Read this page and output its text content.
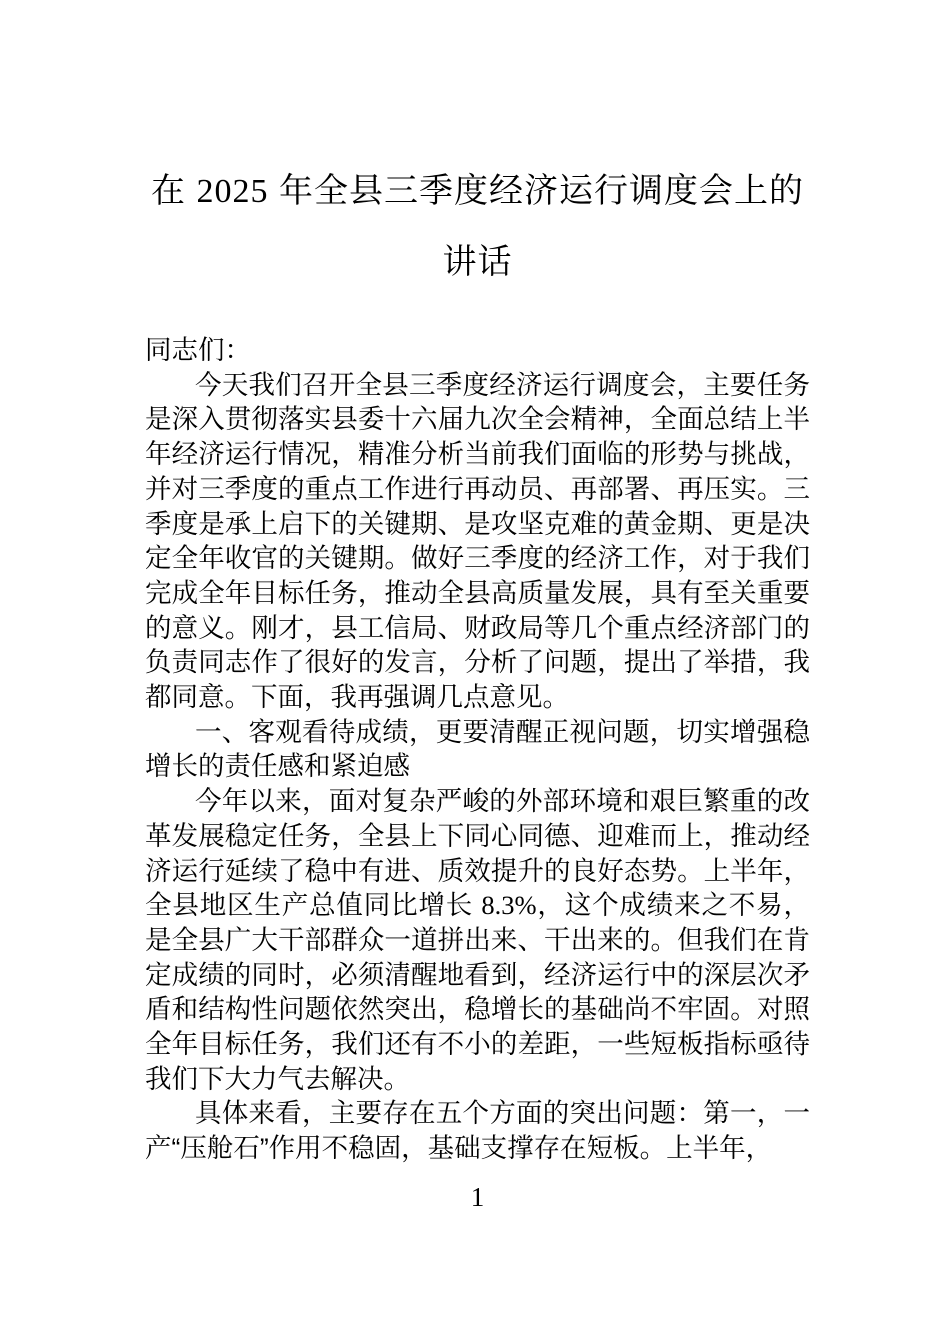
在 2025 年全县三季度经济运行调度会上的讲话

同志们：

今天我们召开全县三季度经济运行调度会，主要任务是深入贯彻落实县委十六届九次全会精神，全面总结上半年经济运行情况，精准分析当前我们面临的形势与挑战，并对三季度的重点工作进行再动员、再部署、再压实。三季度是承上启下的关键期、是攻坚克难的黄金期、更是决定全年收官的关键期。做好三季度的经济工作，对于我们完成全年目标任务，推动全县高质量发展，具有至关重要的意义。刚才，县工信局、财政局等几个重点经济部门的负责同志作了很好的发言，分析了问题，提出了举措，我都同意。下面，我再强调几点意见。

一、客观看待成绩，更要清醒正视问题，切实增强稳增长的责任感和紧迫感

今年以来，面对复杂严峻的外部环境和艰巨繁重的改革发展稳定任务，全县上下同心同德、迎难而上，推动经济运行延续了稳中有进、质效提升的良好态势。上半年，全县地区生产总值同比增长 8.3%，这个成绩来之不易，是全县广大干部群众一道拼出来、干出来的。但我们在肯定成绩的同时，必须清醒地看到，经济运行中的深层次矛盾和结构性问题依然突出，稳增长的基础尚不牢固。对照全年目标任务，我们还有不小的差距，一些短板指标亟待我们下大力气去解决。

具体来看，主要存在五个方面的突出问题：第一，一产“压舱石”作用不稳固，基础支撑存在短板。上半年，

1
